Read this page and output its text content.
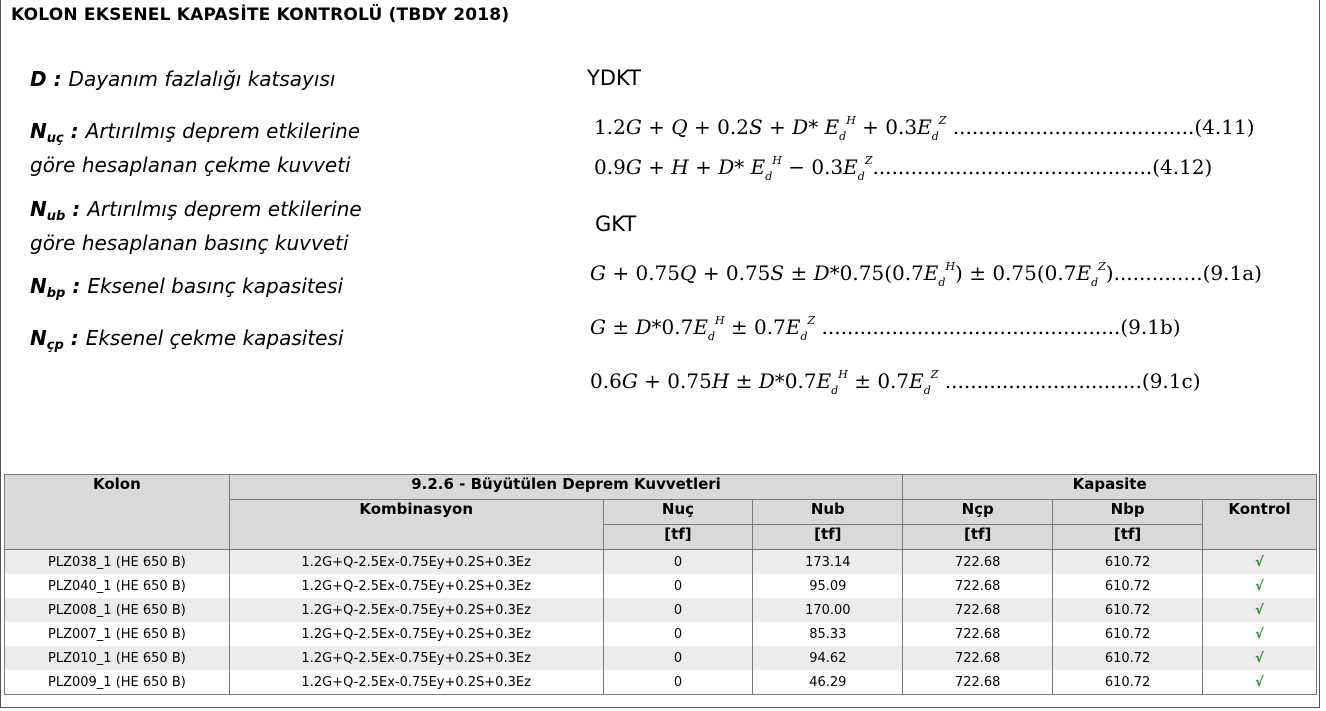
KOLON EKSENEL KAPASİTE KONTROLÜ (TBDY 2018)
D : Dayanım fazlalığı katsayısı
$N_{uç}$ : Artırılmış deprem etkilerine
göre hesaplanan çekme kuvveti
$N_{ub}$ : Artırılmış deprem etkilerine
göre hesaplanan basınç kuvveti
$N_{bp}$ : Eksenel basınç kapasitesi
$N_{çp}$ : Eksenel çekme kapasitesi
YDKT
GKT
1.2G + Q + 0.2S + D* $E_d^H + 0.3E_d^Z$ ......................................(4.11)
0.9G + H + D* $E_d^H - 0.3E_d^Z............................................(4.12)$
$G + 0.75Q + 0.75S \pm D*0.75(0.7E_d^H) \pm 0.75(0.7E_d^Z)..............(9.1a)$
$G \pm D*0.7E_d^H \pm 0.7E_d^Z$ ...............................................(9.1b)
$0.6G + 0.75H \pm D*0.7E_d^H \pm 0.7E_d^Z$ ...............................(9.1c)
Kolon	9.2.6 - Büyütülen Deprem Kuvvetleri			Kapasite		
	Kombinasyon	Nuç	Nub	Nçp	Nbp	Kontrol
		[tf]	[tf]	[tf]	[tf]	
PLZ038_1 (HE 650 B)	1.2G+Q-2.5Ex-0.75Ey+0.2S+0.3Ez	0	173.14	722.68	610.72	√
PLZ040_1 (HE 650 B)	1.2G+Q-2.5Ex-0.75Ey+0.2S+0.3Ez	0	95.09	722.68	610.72	√
PLZ008_1 (HE 650 B)	1.2G+Q-2.5Ex-0.75Ey+0.2S+0.3Ez	0	170.00	722.68	610.72	√
PLZ007_1 (HE 650 B)	1.2G+Q-2.5Ex-0.75Ey+0.2S+0.3Ez	0	85.33	722.68	610.72	√
PLZ010_1 (HE 650 B)	1.2G+Q-2.5Ex-0.75Ey+0.2S+0.3Ez	0	94.62	722.68	610.72	√
PLZ009_1 (HE 650 B)	1.2G+Q-2.5Ex-0.75Ey+0.2S+0.3Ez	0	46.29	722.68	610.72	√
